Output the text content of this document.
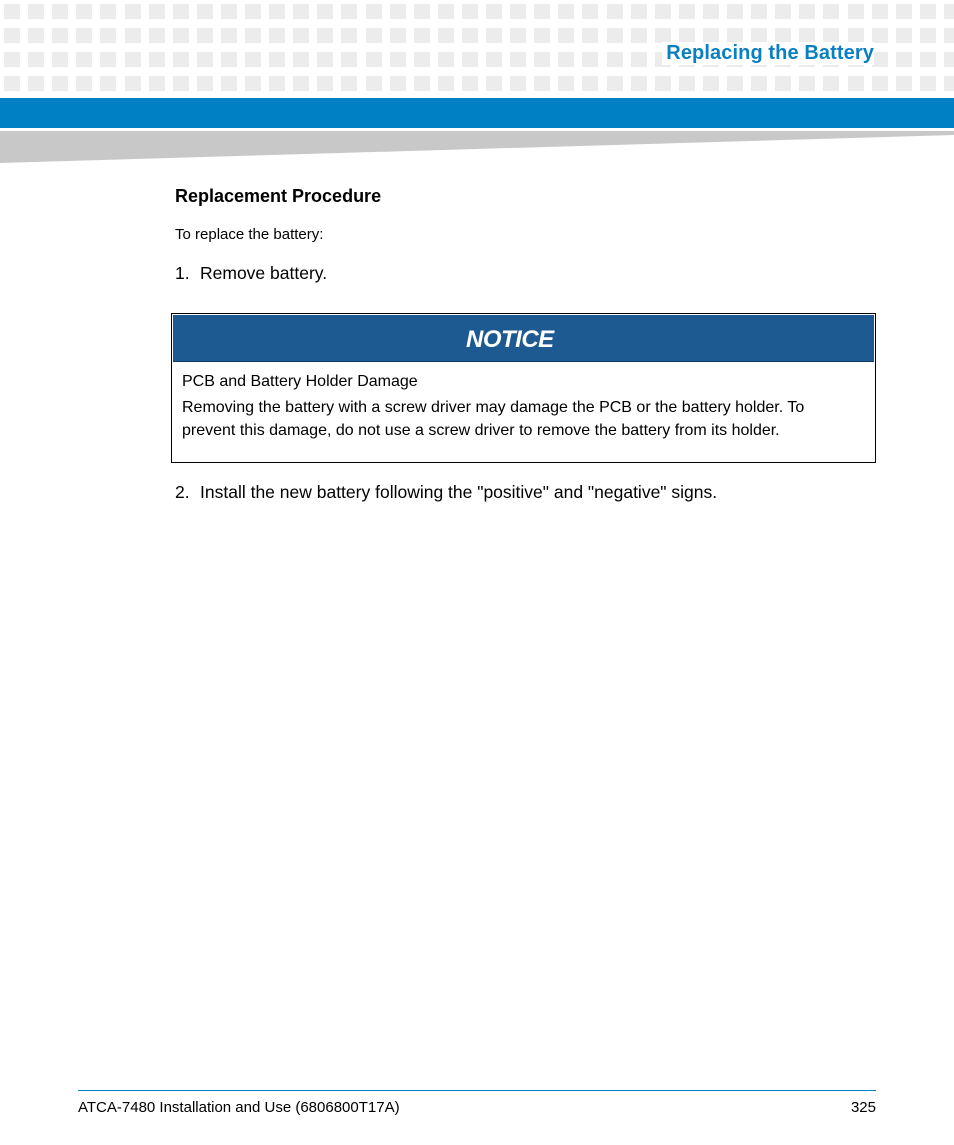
Replacing the Battery
Replacement Procedure
To replace the battery:
1. Remove battery.
NOTICE
PCB and Battery Holder Damage
Removing the battery with a screw driver may damage the PCB or the battery holder. To prevent this damage, do not use a screw driver to remove the battery from its holder.
2. Install the new battery following the "positive" and "negative" signs.
ATCA-7480 Installation and Use (6806800T17A)	325
